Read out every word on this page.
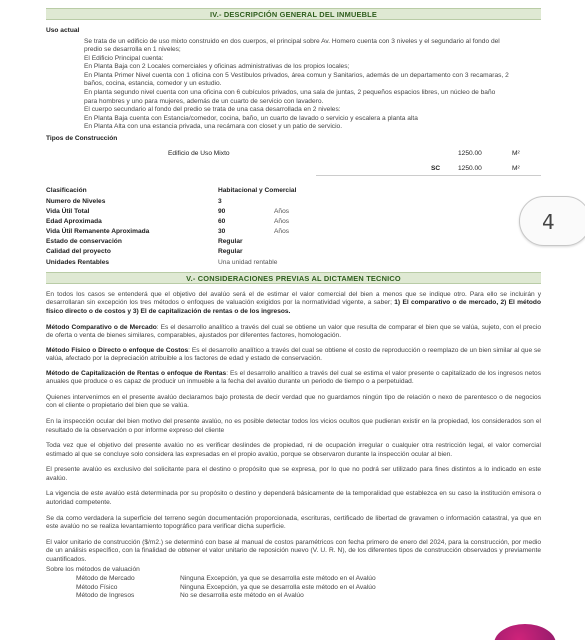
IV.- DESCRIPCIÓN GENERAL DEL INMUEBLE
Uso actual

Se trata de un edificio de uso mixto construido en dos cuerpos, el principal sobre Av. Homero cuenta con 3 niveles y el segundario al fondo del

predio se desarrolla en 1 niveles;

El Edificio Principal cuenta:

En Planta Baja con 2 Locales comerciales y oficinas administrativas de los propios locales;

En Planta Primer Nivel cuenta con 1 oficina con 5 Vestíbulos privados, área comun y Sanitarios, además de un departamento con 3 recamaras, 2

baños, cocina, estancia, comedor y un estudio.

En planta segundo nivel cuenta con una oficina con 6 cubículos privados, una sala de juntas, 2 pequeños espacios libres, un núcleo de baño

para hombres y uno para mujeres, además de un cuarto de servicio con lavadero.

El cuerpo secundario al fondo del predio se trata de una casa desarrollada en 2 niveles:

En Planta Baja cuenta con Estancia/comedor, cocina, baño, un cuarto de lavado o servicio y escalera a planta alta

En Planta Alta con una estancia privada, una recámara con closet y un patio de servicio.

Tipos de Construcción
Edificio de Uso Mixto	1250.00	M²
SC	1250.00	M²
Clasificación	Habitacional y Comercial
Numero de Niveles	3
Vida Útil Total	90	Años
Edad Aproximada	60	Años
Vida Útil Remanente Aproximada	30	Años
Estado de conservación	Regular
Calidad del proyecto	Regular
Unidades Rentables	Una unidad rentable
V.- CONSIDERACIONES PREVIAS AL DICTAMEN TECNICO

En todos los casos se entenderá que el objetivo del avalúo será el de estimar el valor comercial del bien a menos que se indique otro. Para ello se incluirán y desarrollaran sin excepción los tres métodos o enfoques de valuación exigidos por la normatividad vigente, a saber; 1) El comparativo o de mercado, 2) El método físico directo o de costos y 3) El de capitalización de rentas o de los ingresos.

Método Comparativo o de Mercado: Es el desarrollo analítico a través del cual se obtiene un valor que resulta de comparar el bien que se valúa, sujeto, con el precio de oferta o venta de bienes similares, comparables, ajustados por diferentes factores, homologación.

Método Físico o Directo o enfoque de Costos: Es el desarrollo analítico a través del cual se obtiene el costo de reproducción o reemplazo de un bien similar al que se valúa, afectado por la depreciación atribuible a los factores de edad y estado de conservación.

Método de Capitalización de Rentas o enfoque de Rentas: Es el desarrollo analítico a través del cual se estima el valor presente o capitalizado de los ingresos netos anuales que produce o es capaz de producir un inmueble a la fecha del avalúo durante un periodo de tiempo o a perpetuidad.

Quienes intervenimos en el presente avalúo declaramos bajo protesta de decir verdad que no guardamos ningún tipo de relación o nexo de parentesco o de negocios con el cliente o propietario del bien que se valúa.

En la inspección ocular del bien motivo del presente avalúo, no es posible detectar todos los vicios ocultos que pudieran existir en la propiedad, los considerados son el resultado de la observación o por informe expreso del cliente

Toda vez que el objetivo del presente avalúo no es verificar deslindes de propiedad, ni de ocupación irregular o cualquier otra restricción legal, el valor comercial estimado al que se concluye solo considera las expresadas en el propio avalúo, porque se observaron durante la inspección ocular al bien.

El presente avalúo es exclusivo del solicitante para el destino o propósito que se expresa, por lo que no podrá ser utilizado para fines distintos a lo indicado en este avalúo.

La vigencia de este avalúo está determinada por su propósito o destino y dependerá básicamente de la temporalidad que establezca en su caso la institución emisora o autoridad competente.

Se da como verdadera la superficie del terreno según documentación proporcionada, escrituras, certificado de libertad de gravamen o información catastral, ya que en este avalúo no se realiza levantamiento topográfico para verificar dicha superficie.

El valor unitario de construcción ($/m2.) se determinó con base al manual de costos paramétricos con fecha primero de enero del 2024, para la construcción, por medio de un análisis específico, con la finalidad de obtener el valor unitario de reposición nuevo (V. U. R. N), de los diferentes tipos de construcción observados y previamente cuantificados.

Sobre los métodos de valuación
Método de Mercado	Ninguna Excepción, ya que se desarrolla este método en el Avalúo
Método Físico	Ninguna Excepción, ya que se desarrolla este método en el Avalúo
Método de Ingresos	No se desarrolla este método en el Avalúo
4
